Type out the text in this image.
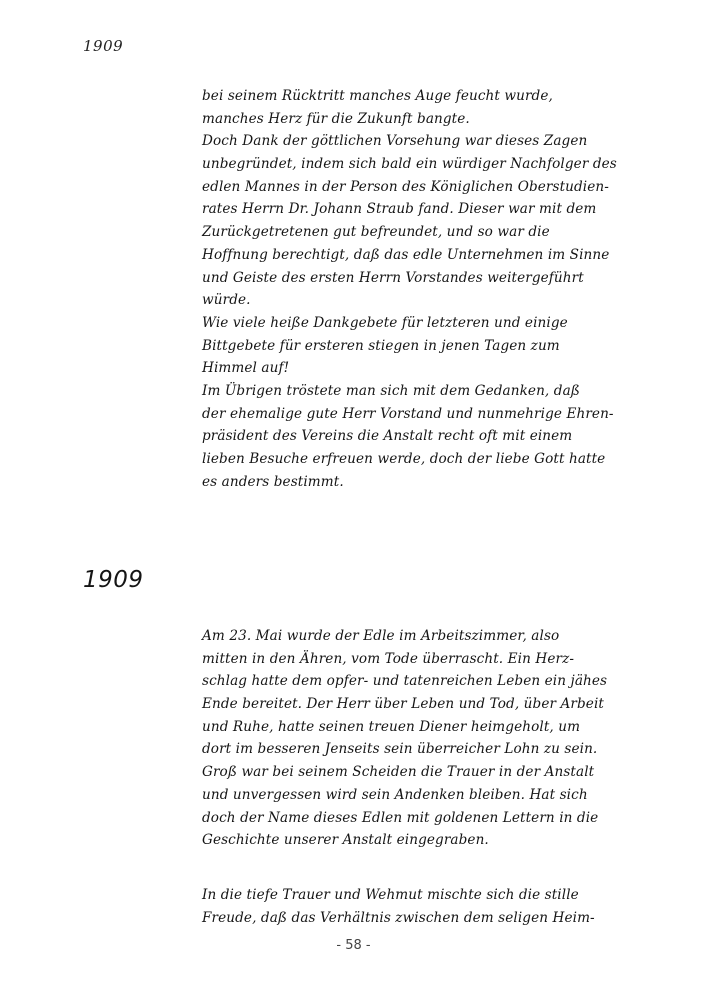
1909
bei seinem Rücktritt manches Auge feucht wurde,
manches Herz für die Zukunft bangte.
Doch Dank der göttlichen Vorsehung war dieses Zagen
unbegründet, indem sich bald ein würdiger Nachfolger des
edlen Mannes in der Person des Königlichen Oberstudien-
rates Herrn Dr. Johann Straub fand. Dieser war mit dem
Zurückgetretenen gut befreundet, und so war die
Hoffnung berechtigt, daß das edle Unternehmen im Sinne
und Geiste des ersten Herrn Vorstandes weitergeführt
würde.
Wie viele heiße Dankgebete für letzteren und einige
Bittgebete für ersteren stiegen in jenen Tagen zum
Himmel auf!
Im Übrigen tröstete man sich mit dem Gedanken, daß
der ehemalige gute Herr Vorstand und nunmehrige Ehren-
präsident des Vereins die Anstalt recht oft mit einem
lieben Besuche erfreuen werde, doch der liebe Gott hatte
es anders bestimmt.
1909
Am 23. Mai wurde der Edle im Arbeitszimmer, also
mitten in den Ähren, vom Tode überrascht. Ein Herz-
schlag hatte dem opfer- und tatenreichen Leben ein jähes
Ende bereitet. Der Herr über Leben und Tod, über Arbeit
und Ruhe, hatte seinen treuen Diener heimgeholt, um
dort im besseren Jenseits sein überreicher Lohn zu sein.
Groß war bei seinem Scheiden die Trauer in der Anstalt
und unvergessen wird sein Andenken bleiben. Hat sich
doch der Name dieses Edlen mit goldenen Lettern in die
Geschichte unserer Anstalt eingegraben.
In die tiefe Trauer und Wehmut mischte sich die stille
Freude, daß das Verhältnis zwischen dem seligen Heim-
- 58 -
